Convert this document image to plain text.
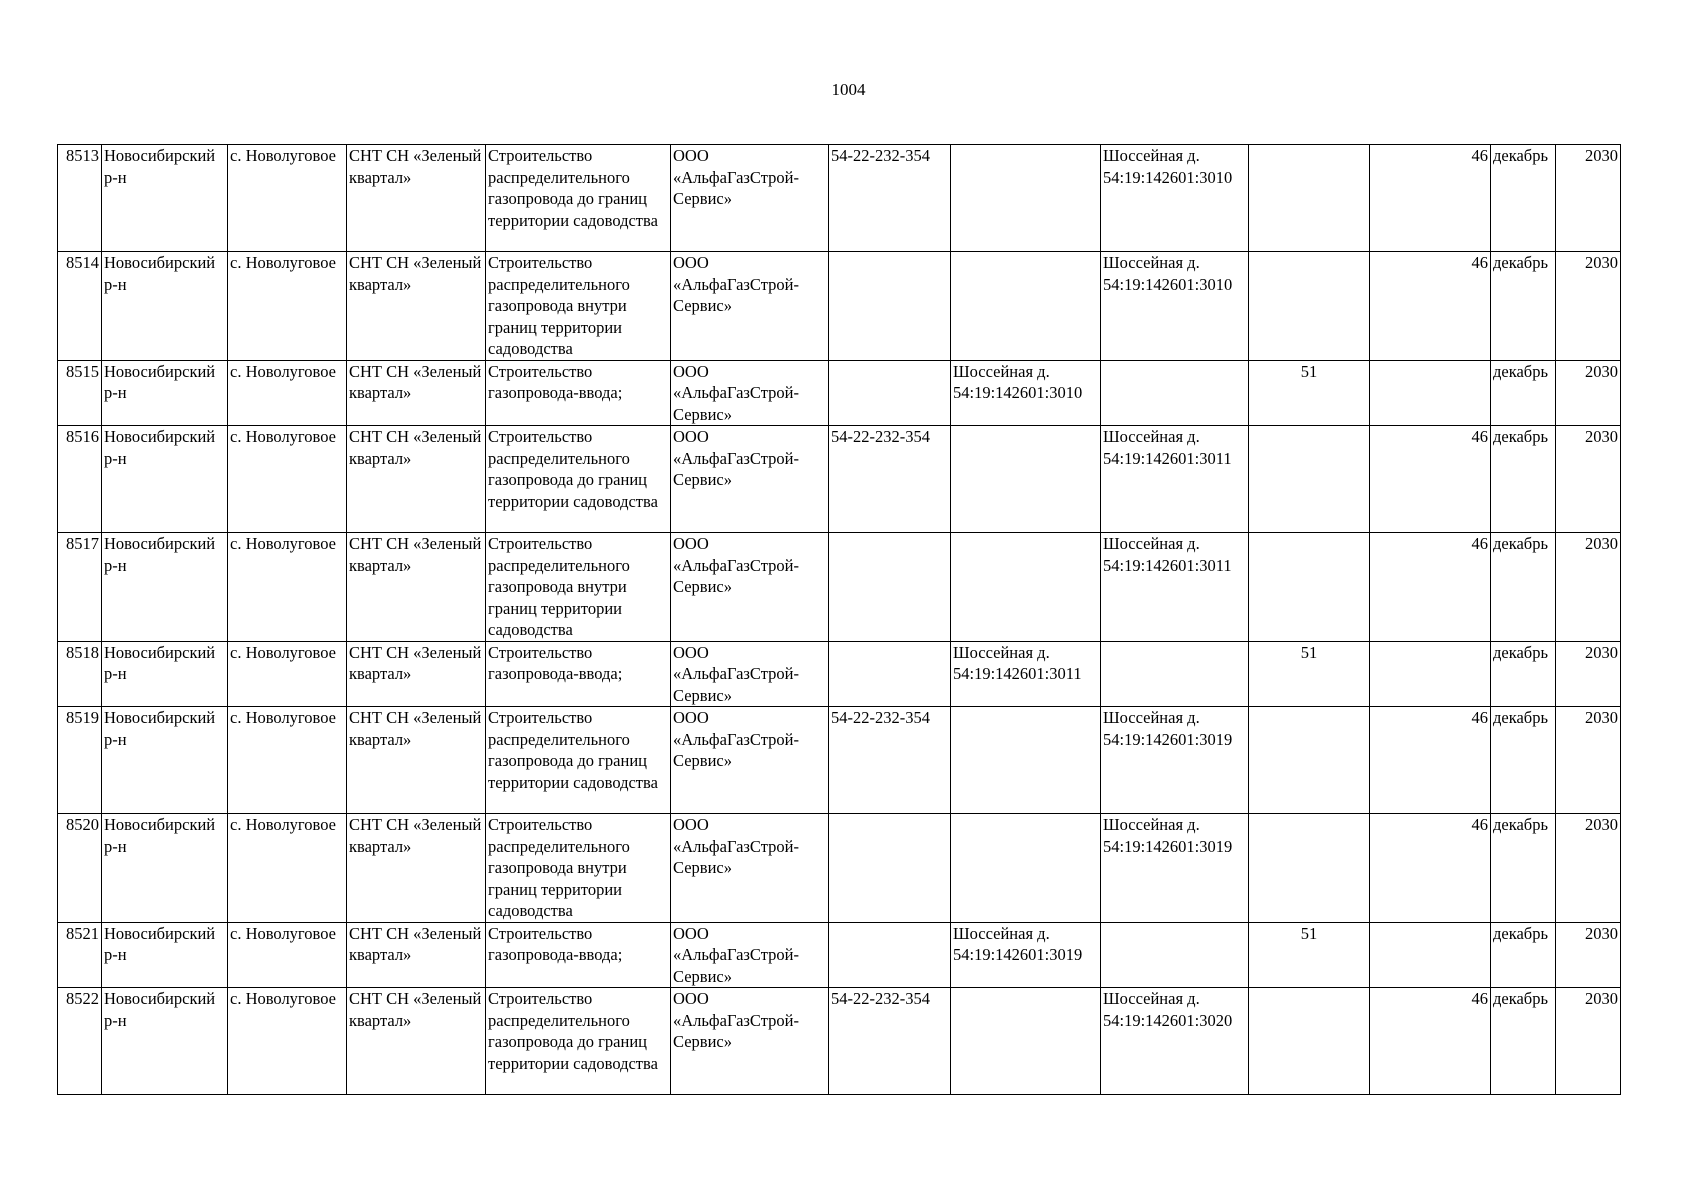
1004
8513	Новосибирский р-н	с. Новолуговое	СНТ СН «Зеленый квартал»	Строительство распределительного газопровода до границ территории садоводства	ООО «АльфаГазСтрой-Сервис»	54-22-232-354		Шоссейная д. 54:19:142601:3010		46	декабрь	2030
8514	Новосибирский р-н	с. Новолуговое	СНТ СН «Зеленый квартал»	Строительство распределительного газопровода внутри границ территории садоводства	ООО «АльфаГазСтрой-Сервис»			Шоссейная д. 54:19:142601:3010		46	декабрь	2030
8515	Новосибирский р-н	с. Новолуговое	СНТ СН «Зеленый квартал»	Строительство газопровода-ввода;	ООО «АльфаГазСтрой-Сервис»		Шоссейная д. 54:19:142601:3010		51		декабрь	2030
8516	Новосибирский р-н	с. Новолуговое	СНТ СН «Зеленый квартал»	Строительство распределительного газопровода до границ территории садоводства	ООО «АльфаГазСтрой-Сервис»	54-22-232-354		Шоссейная д. 54:19:142601:3011		46	декабрь	2030
8517	Новосибирский р-н	с. Новолуговое	СНТ СН «Зеленый квартал»	Строительство распределительного газопровода внутри границ территории садоводства	ООО «АльфаГазСтрой-Сервис»			Шоссейная д. 54:19:142601:3011		46	декабрь	2030
8518	Новосибирский р-н	с. Новолуговое	СНТ СН «Зеленый квартал»	Строительство газопровода-ввода;	ООО «АльфаГазСтрой-Сервис»		Шоссейная д. 54:19:142601:3011		51		декабрь	2030
8519	Новосибирский р-н	с. Новолуговое	СНТ СН «Зеленый квартал»	Строительство распределительного газопровода до границ территории садоводства	ООО «АльфаГазСтрой-Сервис»	54-22-232-354		Шоссейная д. 54:19:142601:3019		46	декабрь	2030
8520	Новосибирский р-н	с. Новолуговое	СНТ СН «Зеленый квартал»	Строительство распределительного газопровода внутри границ территории садоводства	ООО «АльфаГазСтрой-Сервис»			Шоссейная д. 54:19:142601:3019		46	декабрь	2030
8521	Новосибирский р-н	с. Новолуговое	СНТ СН «Зеленый квартал»	Строительство газопровода-ввода;	ООО «АльфаГазСтрой-Сервис»		Шоссейная д. 54:19:142601:3019		51		декабрь	2030
8522	Новосибирский р-н	с. Новолуговое	СНТ СН «Зеленый квартал»	Строительство распределительного газопровода до границ территории садоводства	ООО «АльфаГазСтрой-Сервис»	54-22-232-354		Шоссейная д. 54:19:142601:3020		46	декабрь	2030
